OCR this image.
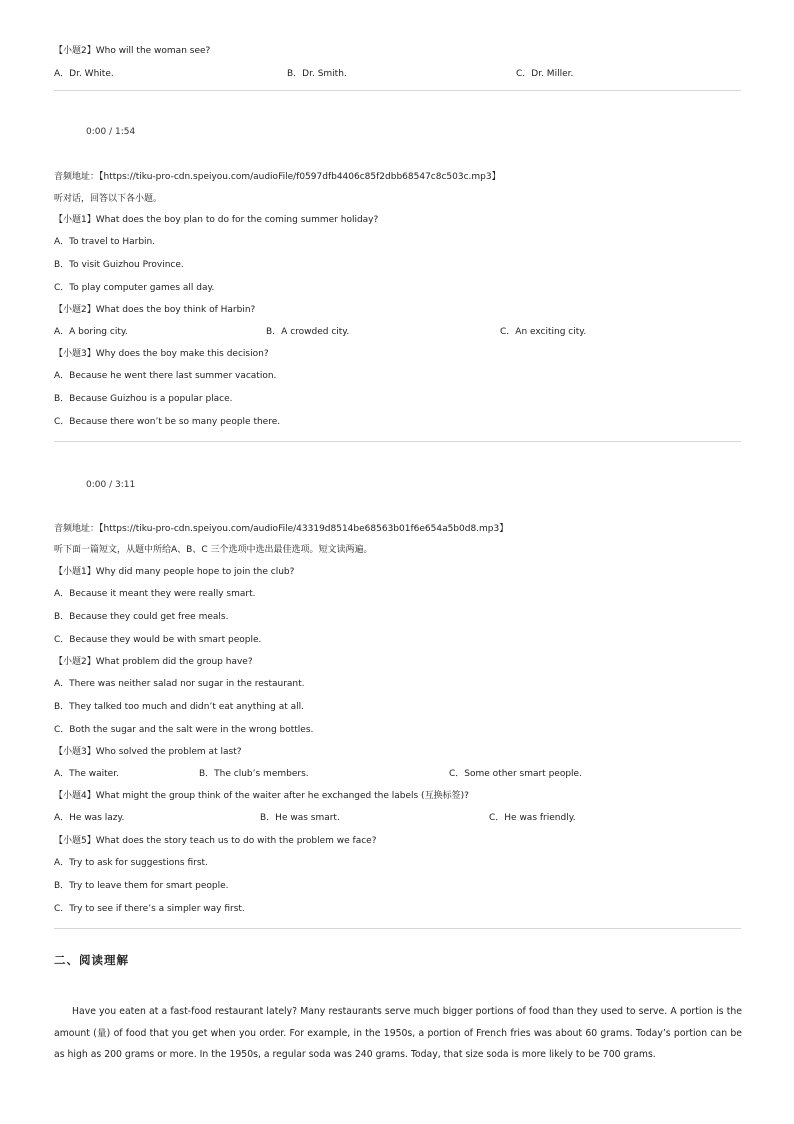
【小题2】Who will the woman see?
A．Dr. White.	B．Dr. Smith.	C．Dr. Miller.
0:00 / 1:54
音频地址：【https://tiku-pro-cdn.speiyou.com/audioFile/f0597dfb4406c85f2dbb68547c8c503c.mp3】
听对话，回答以下各小题。
【小题1】What does the boy plan to do for the coming summer holiday?
A．To travel to Harbin.
B．To visit Guizhou Province.
C．To play computer games all day.
【小题2】What does the boy think of Harbin?
A．A boring city.	B．A crowded city.	C．An exciting city.
【小题3】Why does the boy make this decision?
A．Because he went there last summer vacation.
B．Because Guizhou is a popular place.
C．Because there won’t be so many people there.
0:00 / 3:11
音频地址：【https://tiku-pro-cdn.speiyou.com/audioFile/43319d8514be68563b01f6e654a5b0d8.mp3】
听下面一篇短文，从题中所给A、B、C 三个选项中选出最佳选项。短文读两遍。
【小题1】Why did many people hope to join the club?
A．Because it meant they were really smart.
B．Because they could get free meals.
C．Because they would be with smart people.
【小题2】What problem did the group have?
A．There was neither salad nor sugar in the restaurant.
B．They talked too much and didn’t eat anything at all.
C．Both the sugar and the salt were in the wrong bottles.
【小题3】Who solved the problem at last?
A．The waiter.	B．The club’s members.	C．Some other smart people.
【小题4】What might the group think of the waiter after he exchanged the labels (互换标签)?
A．He was lazy.	B．He was smart.	C．He was friendly.
【小题5】What does the story teach us to do with the problem we face?
A．Try to ask for suggestions first.
B．Try to leave them for smart people.
C．Try to see if there’s a simpler way first.
二、阅读理解
Have you eaten at a fast-food restaurant lately? Many restaurants serve much bigger portions of food than they used to serve. A portion is the amount (量) of food that you get when you order. For example, in the 1950s, a portion of French fries was about 60 grams. Today’s portion can be as high as 200 grams or more. In the 1950s, a regular soda was 240 grams. Today, that size soda is more likely to be 700 grams.
